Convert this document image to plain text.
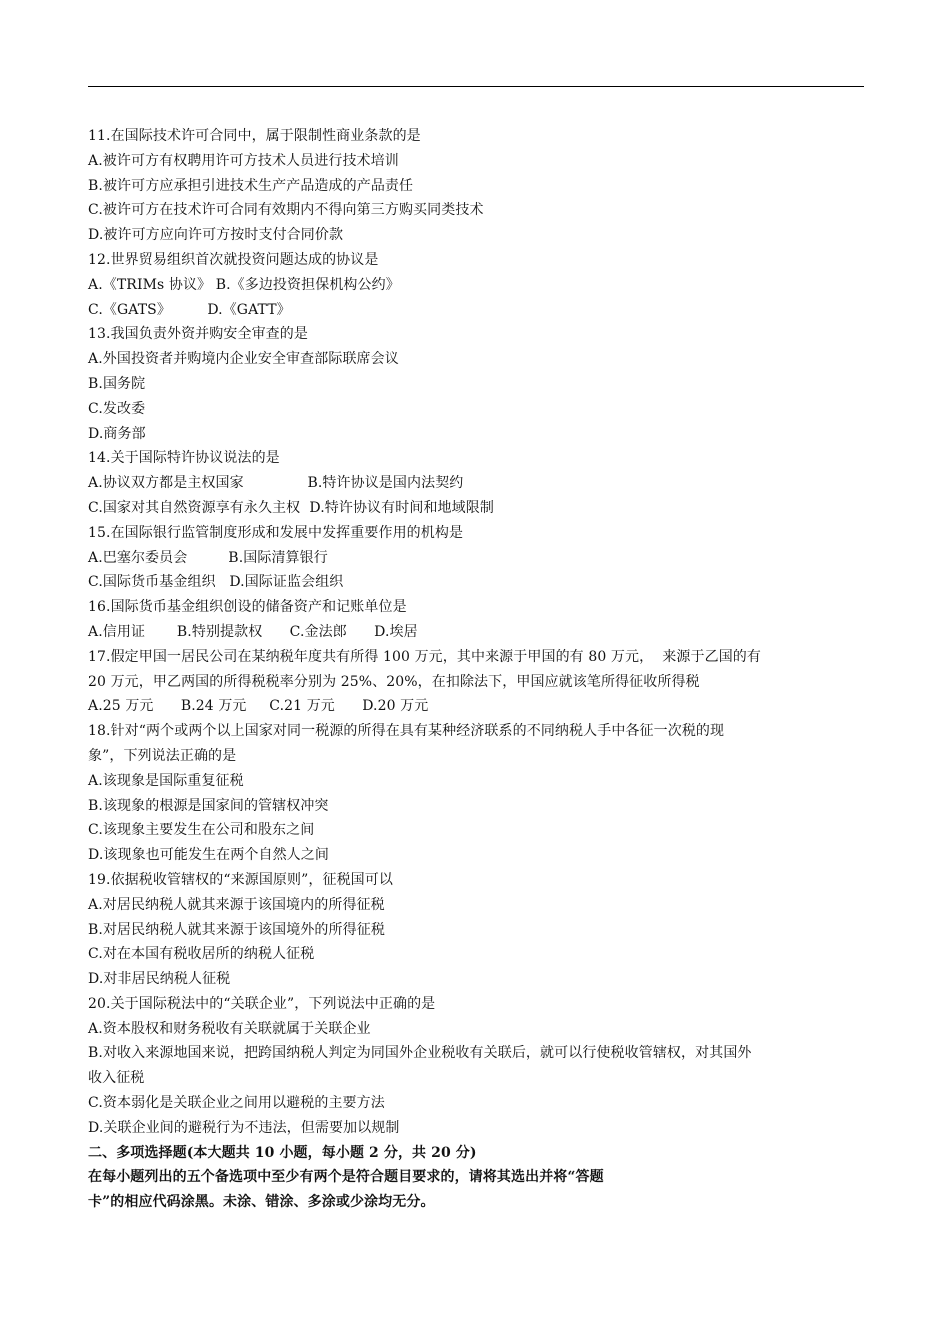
11.在国际技术许可合同中，属于限制性商业条款的是
A.被许可方有权聘用许可方技术人员进行技术培训
B.被许可方应承担引进技术生产产品造成的产品责任
C.被许可方在技术许可合同有效期内不得向第三方购买同类技术
D.被许可方应向许可方按时支付合同价款
12.世界贸易组织首次就投资问题达成的协议是
A.《TRIMs 协议》 B.《多边投资担保机构公约》
C.《GATS》        D.《GATT》
13.我国负责外资并购安全审查的是
A.外国投资者并购境内企业安全审查部际联席会议
B.国务院
C.发改委
D.商务部
14.关于国际特许协议说法的是
A.协议双方都是主权国家              B.特许协议是国内法契约
C.国家对其自然资源享有永久主权  D.特许协议有时间和地域限制
15.在国际银行监管制度形成和发展中发挥重要作用的机构是
A.巴塞尔委员会         B.国际清算银行
C.国际货币基金组织   D.国际证监会组织
16.国际货币基金组织创设的储备资产和记账单位是
A.信用证       B.特别提款权      C.金法郎      D.埃居
17.假定甲国一居民公司在某纳税年度共有所得 100 万元，其中来源于甲国的有 80 万元，  来源于乙国的有
20 万元，甲乙两国的所得税税率分别为 25%、20%，在扣除法下，甲国应就该笔所得征收所得税
A.25 万元      B.24 万元     C.21 万元      D.20 万元
18.针对“两个或两个以上国家对同一税源的所得在具有某种经济联系的不同纳税人手中各征一次税的现
象”，下列说法正确的是
A.该现象是国际重复征税
B.该现象的根源是国家间的管辖权冲突
C.该现象主要发生在公司和股东之间
D.该现象也可能发生在两个自然人之间
19.依据税收管辖权的“来源国原则”，征税国可以
A.对居民纳税人就其来源于该国境内的所得征税
B.对居民纳税人就其来源于该国境外的所得征税
C.对在本国有税收居所的纳税人征税
D.对非居民纳税人征税
20.关于国际税法中的“关联企业”，下列说法中正确的是
A.资本股权和财务税收有关联就属于关联企业
B.对收入来源地国来说，把跨国纳税人判定为同国外企业税收有关联后，就可以行使税收管辖权，对其国外
收入征税
C.资本弱化是关联企业之间用以避税的主要方法
D.关联企业间的避税行为不违法，但需要加以规制
二、多项选择题(本大题共 10 小题，每小题 2 分，共 20 分)
在每小题列出的五个备选项中至少有两个是符合题目要求的，请将其选出并将“答题
卡”的相应代码涂黑。未涂、错涂、多涂或少涂均无分。
